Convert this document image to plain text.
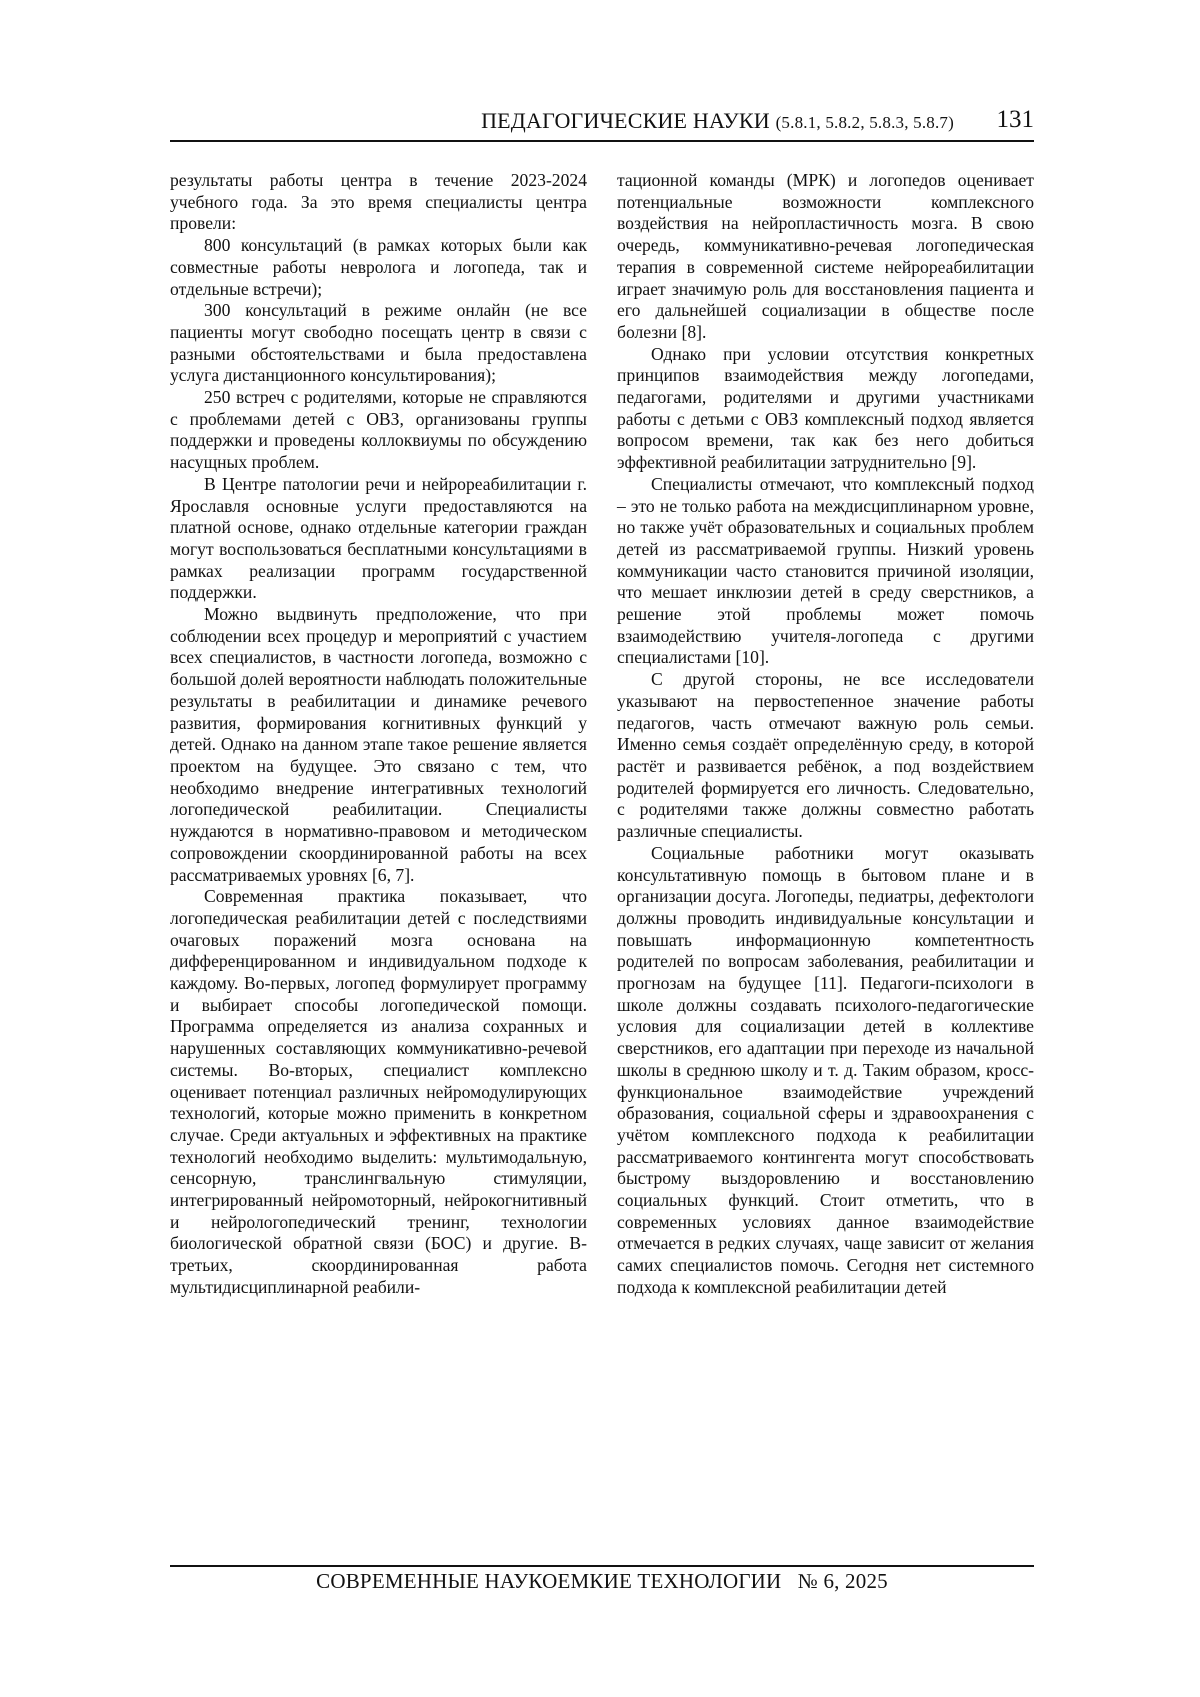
ПЕДАГОГИЧЕСКИЕ НАУКИ (5.8.1, 5.8.2, 5.8.3, 5.8.7) 131

результаты работы центра в течение 2023-2024 учебного года. За это время специалисты центра провели:

800 консультаций (в рамках которых были как совместные работы невролога и логопеда, так и отдельные встречи);

300 консультаций в режиме онлайн (не все пациенты могут свободно посещать центр в связи с разными обстоятельствами и была предоставлена услуга дистанционного консультирования);

250 встреч с родителями, которые не справляются с проблемами детей с ОВЗ, организованы группы поддержки и проведены коллоквиумы по обсуждению насущных проблем.

В Центре патологии речи и нейрореабилитации г. Ярославля основные услуги предоставляются на платной основе, однако отдельные категории граждан могут воспользоваться бесплатными консультациями в рамках реализации программ государственной поддержки.

Можно выдвинуть предположение, что при соблюдении всех процедур и мероприятий с участием всех специалистов, в частности логопеда, возможно с большой долей вероятности наблюдать положительные результаты в реабилитации и динамике речевого развития, формирования когнитивных функций у детей. Однако на данном этапе такое решение является проектом на будущее. Это связано с тем, что необходимо внедрение интегративных технологий логопедической реабилитации. Специалисты нуждаются в нормативно-правовом и методическом сопровождении скоординированной работы на всех рассматриваемых уровнях [6, 7].

Современная практика показывает, что логопедическая реабилитации детей с последствиями очаговых поражений мозга основана на дифференцированном и индивидуальном подходе к каждому. Во-первых, логопед формулирует программу и выбирает способы логопедической помощи. Программа определяется из анализа сохранных и нарушенных составляющих коммуникативно-речевой системы. Во-вторых, специалист комплексно оценивает потенциал различных нейромодулирующих технологий, которые можно применить в конкретном случае. Среди актуальных и эффективных на практике технологий необходимо выделить: мультимодальную, сенсорную, транслингвальную стимуляции, интегрированный нейромоторный, нейрокогнитивный и нейрологопедический тренинг, технологии биологической обратной связи (БОС) и другие. В-третьих, скоординированная работа мультидисциплинарной реабили-

тационной команды (МРК) и логопедов оценивает потенциальные возможности комплексного воздействия на нейропластичность мозга. В свою очередь, коммуникативно-речевая логопедическая терапия в современной системе нейрореабилитации играет значимую роль для восстановления пациента и его дальнейшей социализации в обществе после болезни [8].

Однако при условии отсутствия конкретных принципов взаимодействия между логопедами, педагогами, родителями и другими участниками работы с детьми с ОВЗ комплексный подход является вопросом времени, так как без него добиться эффективной реабилитации затруднительно [9].

Специалисты отмечают, что комплексный подход – это не только работа на междисциплинарном уровне, но также учёт образовательных и социальных проблем детей из рассматриваемой группы. Низкий уровень коммуникации часто становится причиной изоляции, что мешает инклюзии детей в среду сверстников, а решение этой проблемы может помочь взаимодействию учителя-логопеда с другими специалистами [10].

С другой стороны, не все исследователи указывают на первостепенное значение работы педагогов, часть отмечают важную роль семьи. Именно семья создаёт определённую среду, в которой растёт и развивается ребёнок, а под воздействием родителей формируется его личность. Следовательно, с родителями также должны совместно работать различные специалисты.

Социальные работники могут оказывать консультативную помощь в бытовом плане и в организации досуга. Логопеды, педиатры, дефектологи должны проводить индивидуальные консультации и повышать информационную компетентность родителей по вопросам заболевания, реабилитации и прогнозам на будущее [11]. Педагоги-психологи в школе должны создавать психолого-педагогические условия для социализации детей в коллективе сверстников, его адаптации при переходе из начальной школы в среднюю школу и т. д. Таким образом, кросс-функциональное взаимодействие учреждений образования, социальной сферы и здравоохранения с учётом комплексного подхода к реабилитации рассматриваемого контингента могут способствовать быстрому выздоровлению и восстановлению социальных функций. Стоит отметить, что в современных условиях данное взаимодействие отмечается в редких случаях, чаще зависит от желания самих специалистов помочь. Сегодня нет системного подхода к комплексной реабилитации детей

СОВРЕМЕННЫЕ НАУКОЕМКИЕ ТЕХНОЛОГИИ   № 6, 2025
